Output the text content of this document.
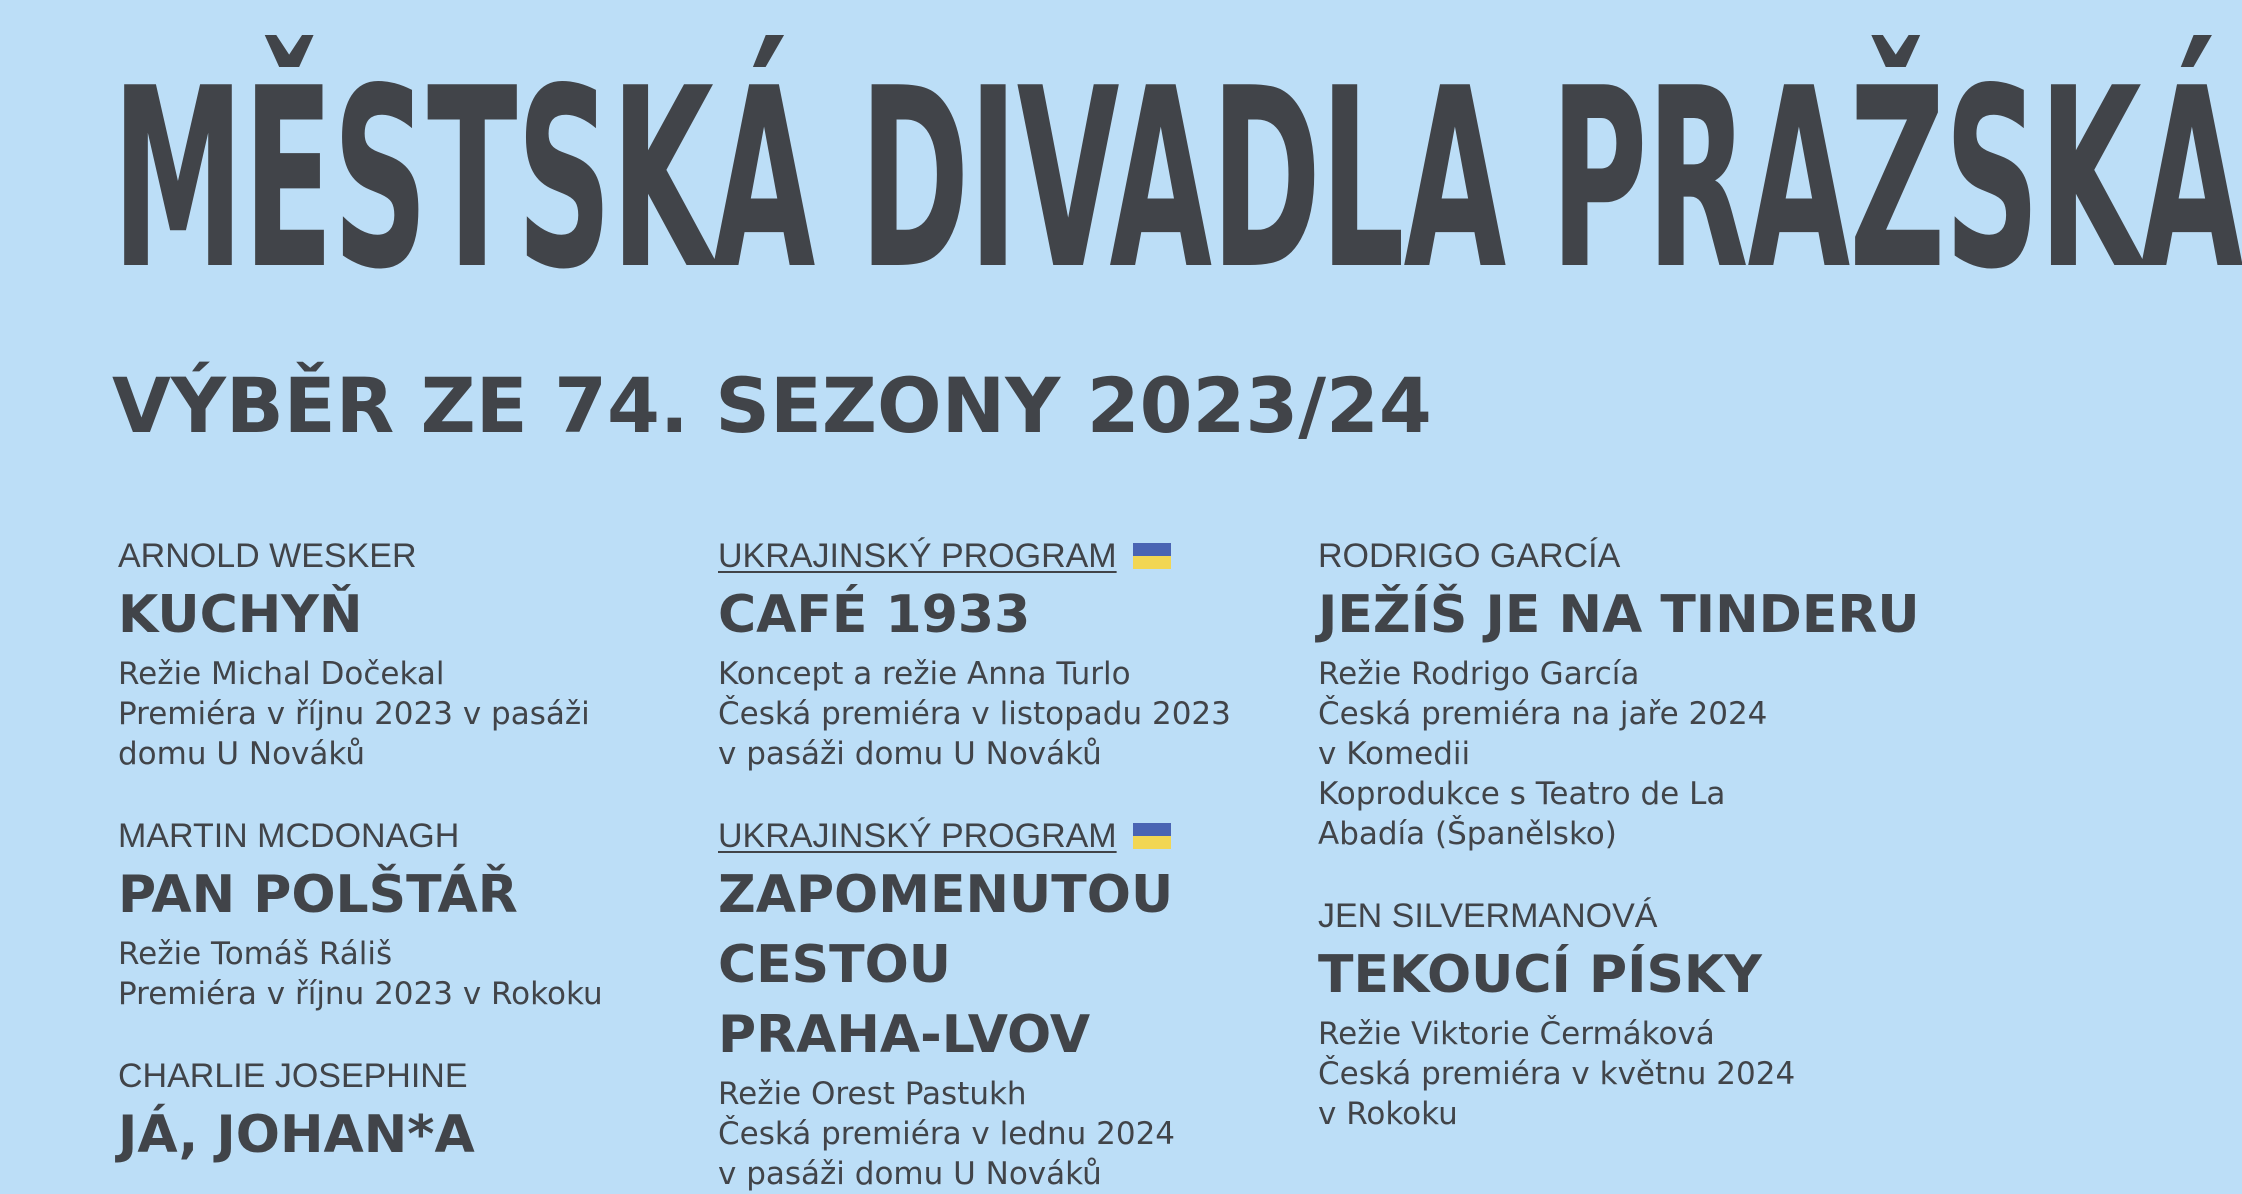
MĚSTSKÁ DIVADLA PRAŽSKÁ
VÝBĚR ZE 74. SEZONY 2023/24
ARNOLD WESKER
KUCHYŇ
Režie Michal Dočekal
Premiéra v říjnu 2023 v pasáži
domu U Nováků
MARTIN MCDONAGH
PAN POLŠTÁŘ
Režie Tomáš Ráliš
Premiéra v říjnu 2023 v Rokoku
CHARLIE JOSEPHINE
JÁ, JOHAN*A
UKRAJINSKÝ PROGRAM
CAFÉ 1933
Koncept a režie Anna Turlo
Česká premiéra v listopadu 2023
v pasáži domu U Nováků
UKRAJINSKÝ PROGRAM
ZAPOMENUTOU
CESTOU
PRAHA-LVOV
Režie Orest Pastukh
Česká premiéra v lednu 2024
v pasáži domu U Nováků
RODRIGO GARCÍA
JEŽÍŠ JE NA TINDERU
Režie Rodrigo García
Česká premiéra na jaře 2024
v Komedii
Koprodukce s Teatro de La
Abadía (Španělsko)
JEN SILVERMANOVÁ
TEKOUCÍ PÍSKY
Režie Viktorie Čermáková
Česká premiéra v květnu 2024
v Rokoku
